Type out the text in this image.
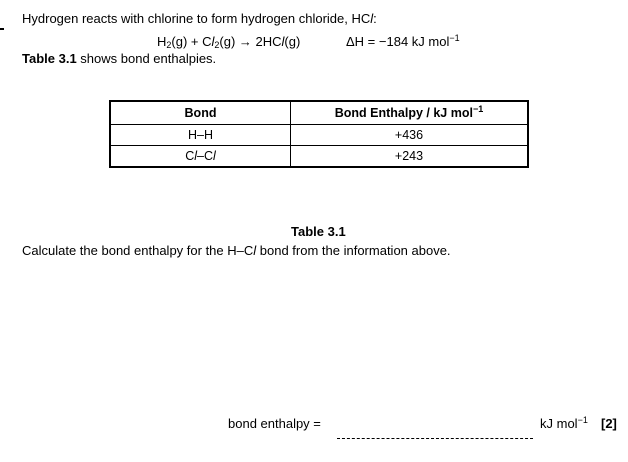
Hydrogen reacts with chlorine to form hydrogen chloride, HCl:
$H_2(g) + Cl_2(g) \to 2HCl(g)$	ΔH = −184 kJ mol$^{-1}$
Table 3.1 shows bond enthalpies.
Bond	Bond Enthalpy / kJ mol$^{-1}$
H–H	+436
Cl–Cl	+243
Table 3.1
Calculate the bond enthalpy for the H–Cl bond from the information above.
bond enthalpy =	kJ mol$^{-1}$ [2]
